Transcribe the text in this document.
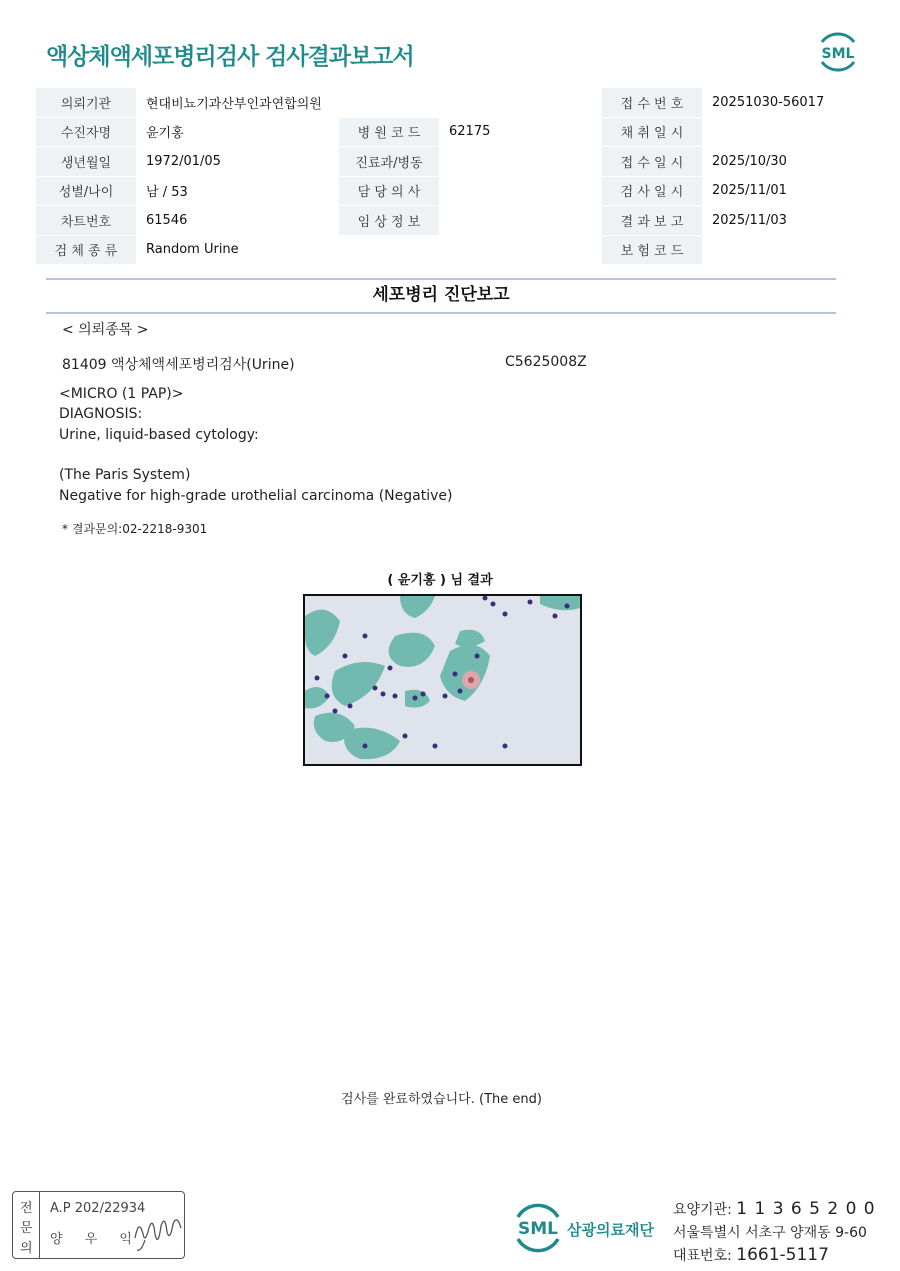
액상체액세포병리검사 검사결과보고서	SML
의뢰기관	현대비뇨기과산부인과연합의원			접 수 번 호	20251030-56017
수진자명	윤기홍	병 원 코 드	62175	채 취 일 시	
생년월일	1972/01/05	진료과/병동		접 수 일 시	2025/10/30
성별/나이	남 / 53	담 당 의 사		검 사 일 시	2025/11/01
차트번호	61546	임 상 정 보		결 과 보 고	2025/11/03
검 체 종 류	Random Urine			보 험 코 드	
세포병리 진단보고
< 의뢰종목 >
81409 액상체액세포병리검사(Urine)	C5625008Z
<MICRO (1 PAP)>
DIAGNOSIS:
Urine, liquid-based cytology:
(The Paris System)
Negative for high-grade urothelial carcinoma (Negative)
* 결과문의:02-2218-9301
( 윤기홍 ) 님 결과
검사를 완료하였습니다. (The end)
전
문
의
A.P 202/22934
양 우 익
SML 삼광의료재단
요양기관: 1 1 3 6 5 2 0 0
서울특별시 서초구 양재동 9-60
대표번호: 1661-5117
